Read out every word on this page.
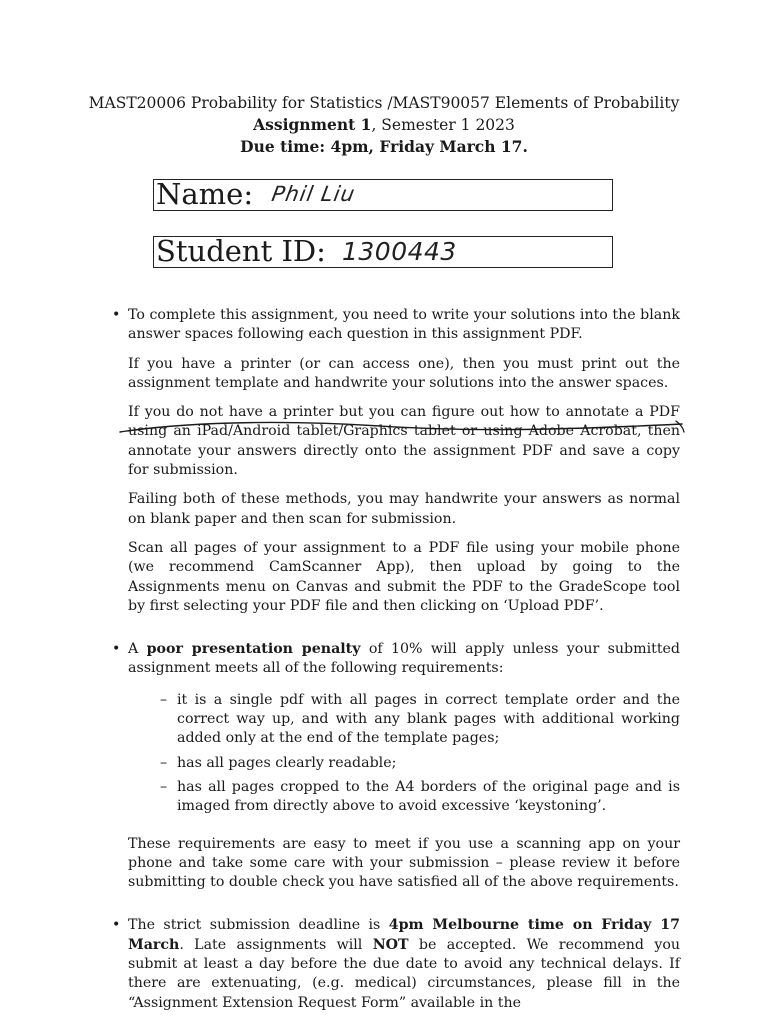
MAST20006 Probability for Statistics /MAST90057 Elements of Probability
Assignment 1, Semester 1 2023
Due time: 4pm, Friday March 17.
Name: Phil Liu
Student ID: 1300443
• To complete this assignment, you need to write your solutions into the blank answer spaces following each question in this assignment PDF.

If you have a printer (or can access one), then you must print out the assignment template and handwrite your solutions into the answer spaces.

If you do not have a printer but you can figure out how to annotate a PDF using an iPad/Android tablet/Graphics tablet or using Adobe Acrobat, then annotate your answers directly onto the assignment PDF and save a copy for submission.

Failing both of these methods, you may handwrite your answers as normal on blank paper and then scan for submission.

Scan all pages of your assignment to a PDF file using your mobile phone (we recommend CamScanner App), then upload by going to the Assignments menu on Canvas and submit the PDF to the GradeScope tool by first selecting your PDF file and then clicking on ‘Upload PDF’.

• A poor presentation penalty of 10% will apply unless your submitted assignment meets all of the following requirements:

– it is a single pdf with all pages in correct template order and the correct way up, and with any blank pages with additional working added only at the end of the template pages;
– has all pages clearly readable;
– has all pages cropped to the A4 borders of the original page and is imaged from directly above to avoid excessive ‘keystoning’.

These requirements are easy to meet if you use a scanning app on your phone and take some care with your submission – please review it before submitting to double check you have satisfied all of the above requirements.

• The strict submission deadline is 4pm Melbourne time on Friday 17 March. Late assignments will NOT be accepted. We recommend you submit at least a day before the due date to avoid any technical delays. If there are extenuating, (e.g. medical) circumstances, please fill in the “Assignment Extension Request Form” available in the
